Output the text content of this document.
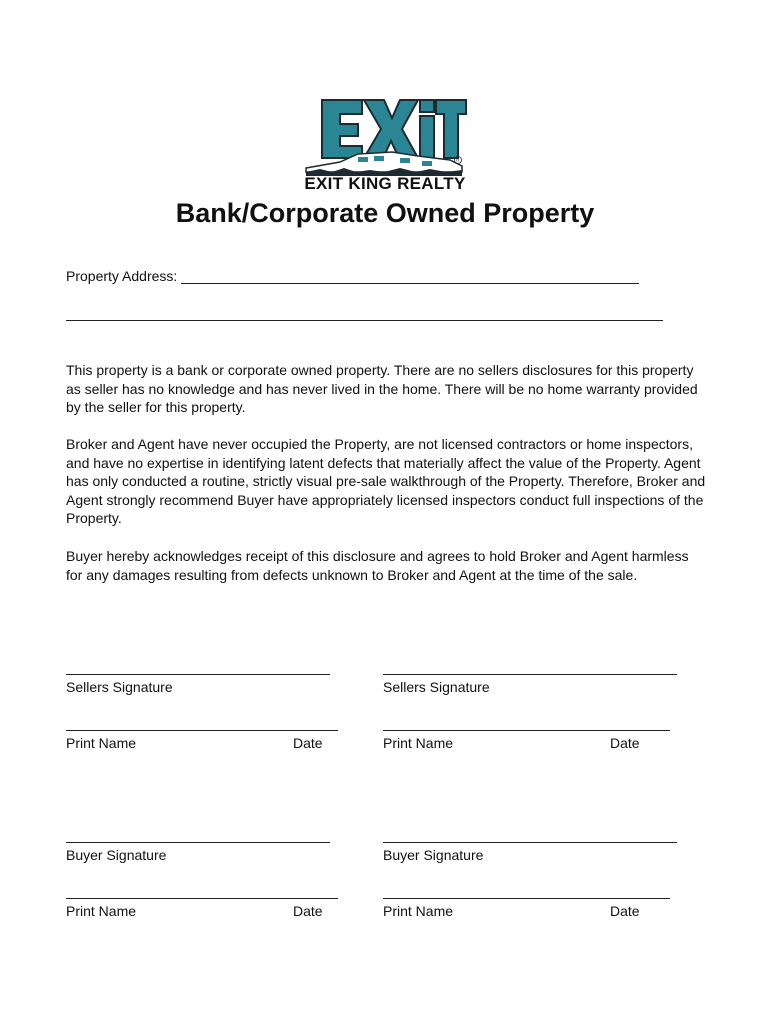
R
EXIT KING REALTY
Bank/Corporate Owned Property
Property Address:

This property is a bank or corporate owned property. There are no sellers disclosures for this property as seller has no knowledge and has never lived in the home. There will be no home warranty provided by the seller for this property.

Broker and Agent have never occupied the Property, are not licensed contractors or home inspectors, and have no expertise in identifying latent defects that materially affect the value of the Property. Agent has only conducted a routine, strictly visual pre-sale walkthrough of the Property. Therefore, Broker and Agent strongly recommend Buyer have appropriately licensed inspectors conduct full inspections of the Property.

Buyer hereby acknowledges receipt of this disclosure and agrees to hold Broker and Agent harmless for any damages resulting from defects unknown to Broker and Agent at the time of the sale.

Sellers Signature
Print Name	Date
Sellers Signature
Print Name	Date
Buyer Signature
Print Name	Date
Buyer Signature
Print Name	Date
